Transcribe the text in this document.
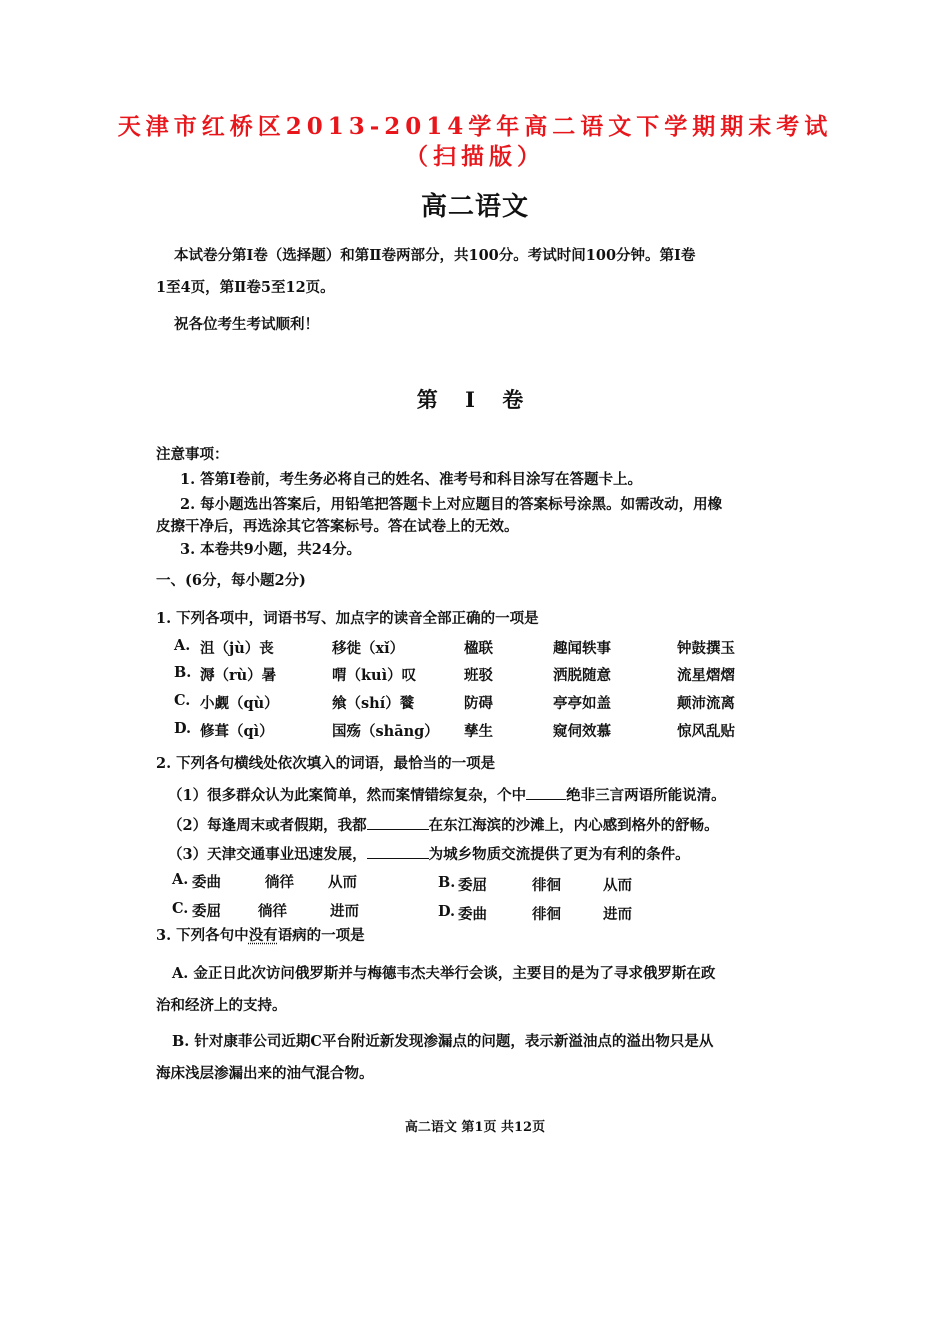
天津市红桥区2013-2014学年高二语文下学期期末考试（扫描版）
高二语文
本试卷分第Ⅰ卷（选择题）和第Ⅱ卷两部分，共100分。考试时间100分钟。第Ⅰ卷
1至4页，第Ⅱ卷5至12页。
祝各位考生考试顺利！
第 Ⅰ 卷
注意事项：
1. 答第Ⅰ卷前，考生务必将自己的姓名、准考号和科目涂写在答题卡上。
2. 每小题选出答案后，用铅笔把答题卡上对应题目的答案标号涂黑。如需改动，用橡
皮擦干净后，再选涂其它答案标号。答在试卷上的无效。
3. 本卷共9小题，共24分。
一、(6分，每小题2分)
1. 下列各项中，词语书写、加点字的读音全部正确的一项是
A. 沮（jù）丧	移徙（xǐ）	楹联	趣闻轶事	钟鼓撰玉
B. 溽（rù）暑	喟（kuì）叹	班驳	洒脱随意	流星熠熠
C. 小觑（qù）	飨（shí）餮	防碍	亭亭如盖	颠沛流离
D. 修葺（qì）	国殇（shāng） 孳生	窥伺效慕	惊风乱贴
2. 下列各句横线处依次填入的词语，最恰当的一项是
（1）很多群众认为此案简单，然而案情错综复杂，个中	绝非三言两语所能说清。
（2）每逢周末或者假期，我都	在东江海滨的沙滩上，内心感到格外的舒畅。
（3）天津交通事业迅速发展，	为城乡物质交流提供了更为有利的条件。
A. 委曲	徜徉 从而	B. 委屈	徘徊	从而
C. 委屈	徜徉	进而	D. 委曲	徘徊	进而
3. 下列各句中没有语病的一项是
A. 金正日此次访问俄罗斯并与梅德韦杰夫举行会谈，主要目的是为了寻求俄罗斯在政
治和经济上的支持。
B. 针对康菲公司近期C平台附近新发现渗漏点的问题，表示新溢油点的溢出物只是从
海床浅层渗漏出来的油气混合物。
高二语文 第1页 共12页
